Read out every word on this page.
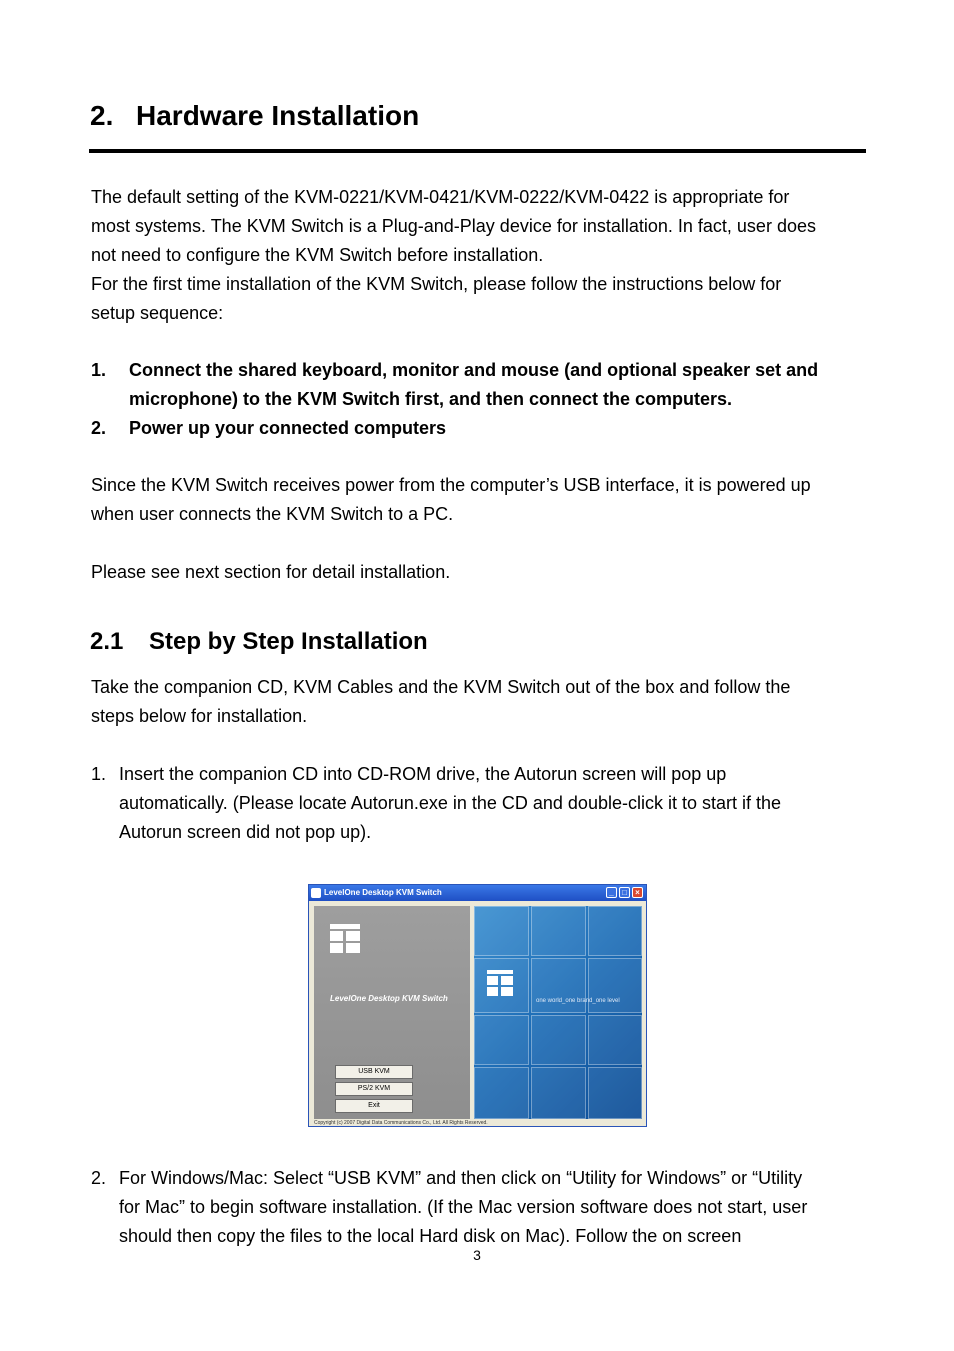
2. Hardware Installation
The default setting of the KVM-0221/KVM-0421/KVM-0222/KVM-0422 is appropriate for
most systems. The KVM Switch is a Plug-and-Play device for installation. In fact, user does
not need to configure the KVM Switch before installation.
For the first time installation of the KVM Switch, please follow the instructions below for
setup sequence:
1. Connect the shared keyboard, monitor and mouse (and optional speaker set and
microphone) to the KVM Switch first, and then connect the computers.
2. Power up your connected computers
Since the KVM Switch receives power from the computer’s USB interface, it is powered up
when user connects the KVM Switch to a PC.
Please see next section for detail installation.
2.1 Step by Step Installation
Take the companion CD, KVM Cables and the KVM Switch out of the box and follow the
steps below for installation.
1. Insert the companion CD into CD-ROM drive, the Autorun screen will pop up
automatically. (Please locate Autorun.exe in the CD and double-click it to start if the
Autorun screen did not pop up).
LevelOne Desktop KVM Switch	_	□	×
LevelOne Desktop KVM Switch
USB KVM
PS/2 KVM
Exit
one world_one brand_one level
Copyright (c) 2007 Digital Data Communications Co., Ltd. All Rights Reserved.
2. For Windows/Mac: Select “USB KVM” and then click on “Utility for Windows” or “Utility
for Mac” to begin software installation. (If the Mac version software does not start, user
should then copy the files to the local Hard disk on Mac). Follow the on screen
3
